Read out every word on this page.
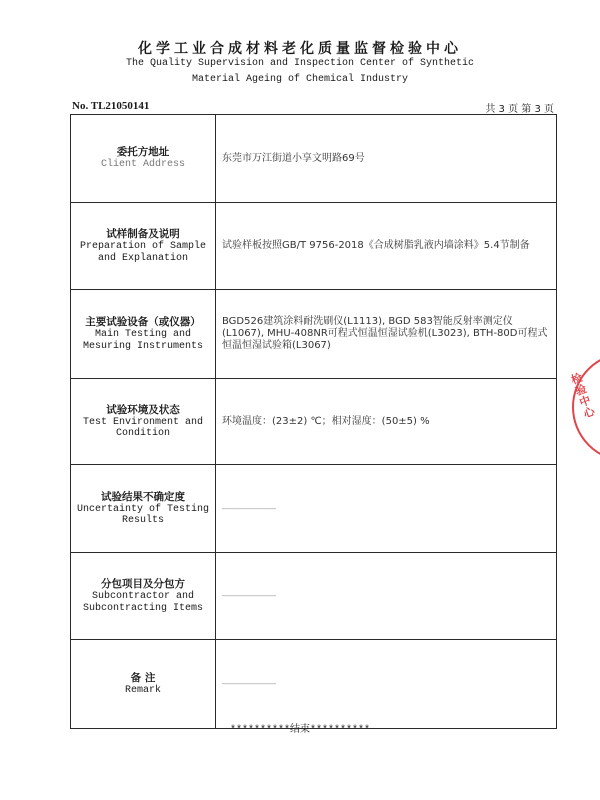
化学工业合成材料老化质量监督检验中心
The Quality Supervision and Inspection Center of Synthetic
Material Ageing of Chemical Industry
No. TL21050141	共 3 页 第 3 页
委托方地址
Client Address	东莞市万江街道小享文明路69号

试样制备及说明
Preparation of Sample
and Explanation	试验样板按照GB/T 9756-2018《合成树脂乳液内墙涂料》5.4节制备

主要试验设备（或仪器）
Main Testing and
Mesuring Instruments	BGD526建筑涂料耐洗刷仪(L1113), BGD 583智能反射率测定仪(L1067), MHU-408NR可程式恒温恒湿试验机(L3023), BTH-80D可程式恒温恒湿试验箱(L3067)

试验环境及状态
Test Environment and
Condition	环境温度：(23±2) ℃；相对湿度：(50±5) %

试验结果不确定度
Uncertainty of Testing
Results	——————————

分包项目及分包方
Subcontractor and
Subcontracting Items	——————————

备 注
Remark	——————————
**********结束**********
检验中心
